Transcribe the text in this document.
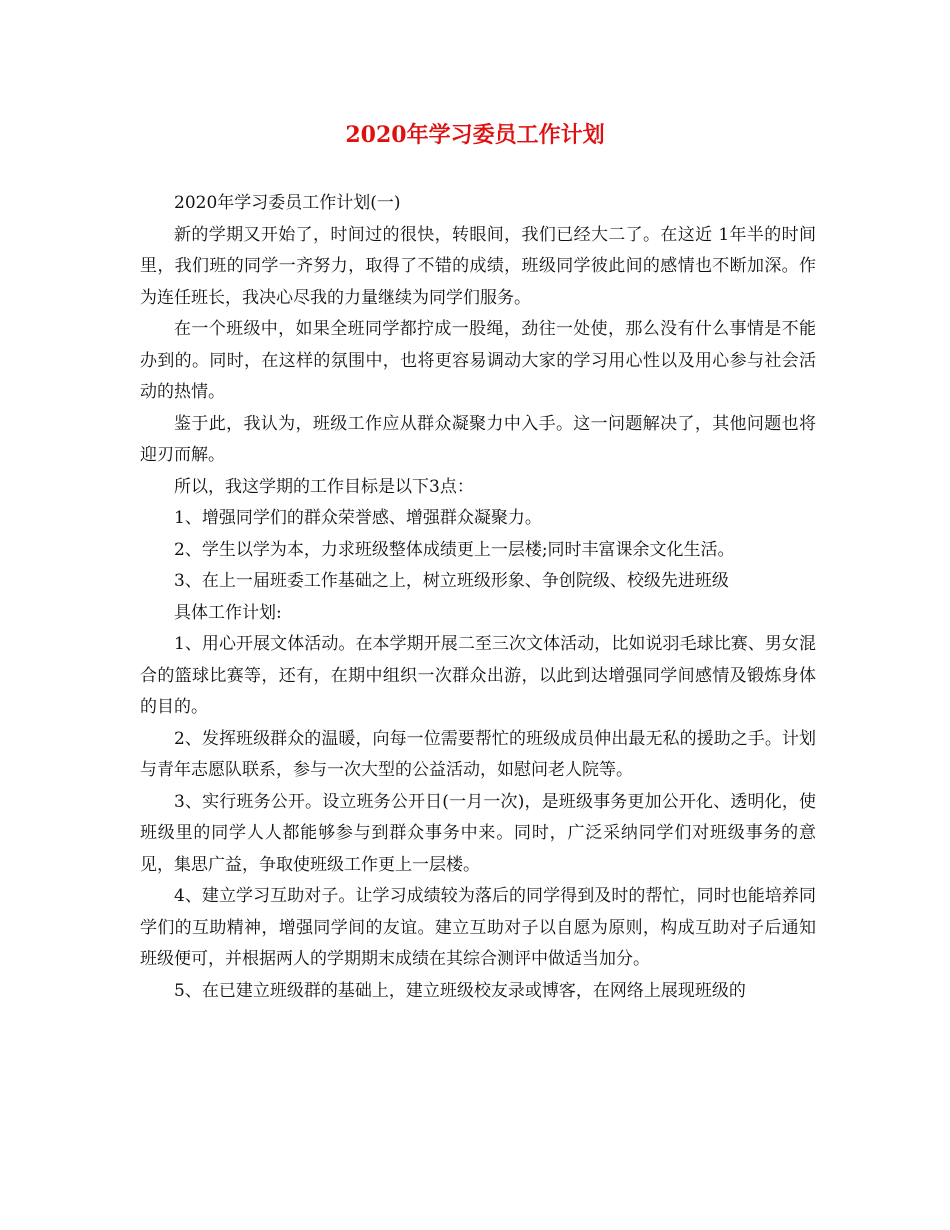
2020年学习委员工作计划

2020年学习委员工作计划(一)

新的学期又开始了，时间过的很快，转眼间，我们已经大二了。在这近 1年半的时间里，我们班的同学一齐努力，取得了不错的成绩，班级同学彼此间的感情也不断加深。作为连任班长，我决心尽我的力量继续为同学们服务。

在一个班级中，如果全班同学都拧成一股绳，劲往一处使，那么没有什么事情是不能办到的。同时，在这样的氛围中，也将更容易调动大家的学习用心性以及用心参与社会活动的热情。

鉴于此，我认为，班级工作应从群众凝聚力中入手。这一问题解决了，其他问题也将迎刃而解。

所以，我这学期的工作目标是以下3点：

1、增强同学们的群众荣誉感、增强群众凝聚力。

2、学生以学为本，力求班级整体成绩更上一层楼;同时丰富课余文化生活。

3、在上一届班委工作基础之上，树立班级形象、争创院级、校级先进班级

具体工作计划:

1、用心开展文体活动。在本学期开展二至三次文体活动，比如说羽毛球比赛、男女混合的篮球比赛等，还有，在期中组织一次群众出游，以此到达增强同学间感情及锻炼身体的目的。

2、发挥班级群众的温暖，向每一位需要帮忙的班级成员伸出最无私的援助之手。计划与青年志愿队联系，参与一次大型的公益活动，如慰问老人院等。

3、实行班务公开。设立班务公开日(一月一次)，是班级事务更加公开化、透明化，使班级里的同学人人都能够参与到群众事务中来。同时，广泛采纳同学们对班级事务的意见，集思广益，争取使班级工作更上一层楼。

4、建立学习互助对子。让学习成绩较为落后的同学得到及时的帮忙，同时也能培养同学们的互助精神，增强同学间的友谊。建立互助对子以自愿为原则，构成互助对子后通知班级便可，并根据两人的学期期末成绩在其综合测评中做适当加分。

5、在已建立班级群的基础上，建立班级校友录或博客，在网络上展现班级的
